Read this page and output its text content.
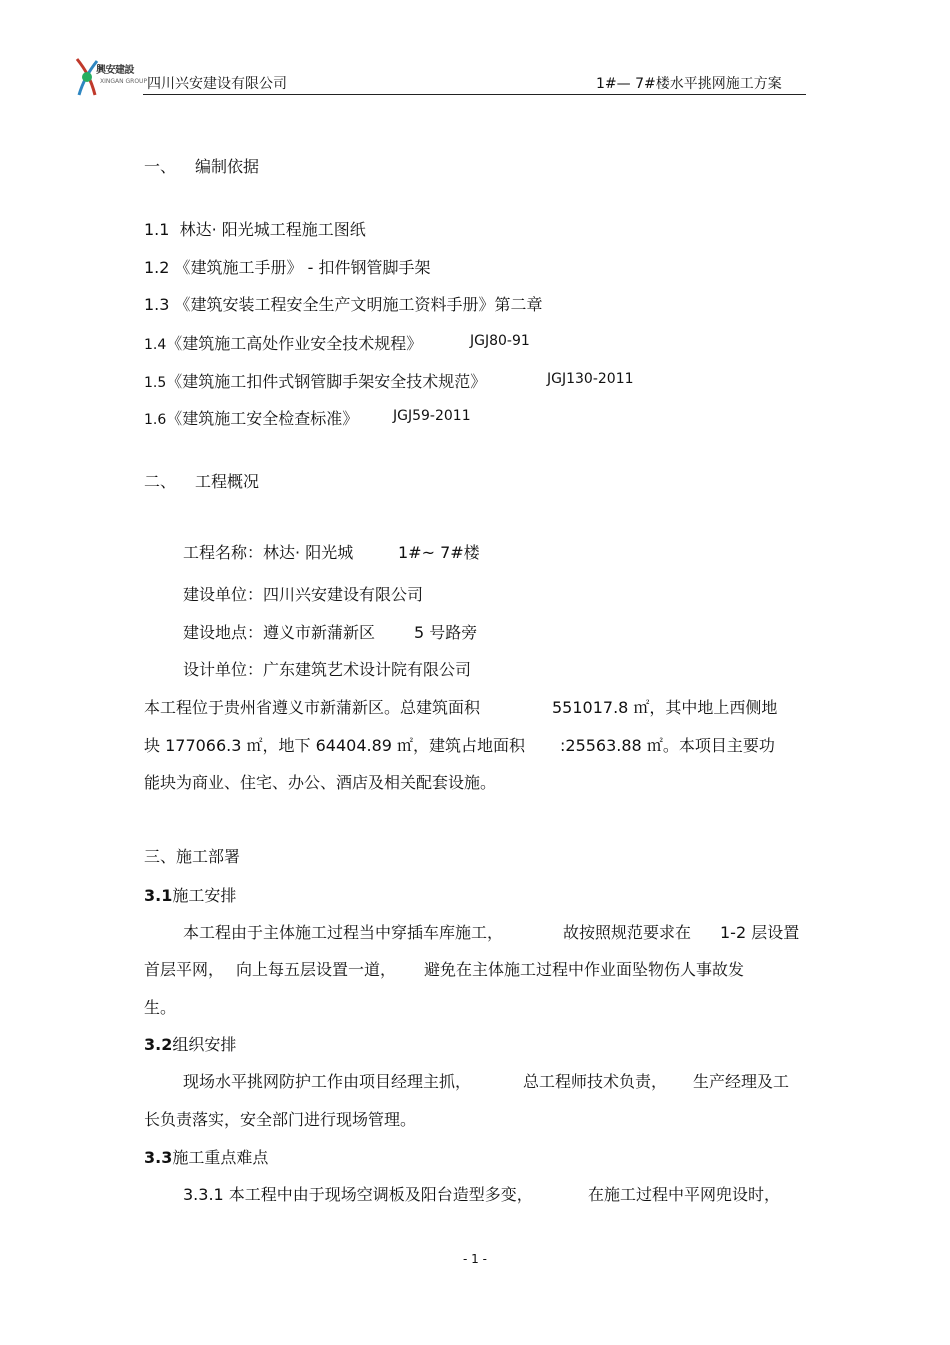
興安建設
XINGAN GROUP 四川兴安建设有限公司	1#— 7#楼水平挑网施工方案
一、 编制依据
1.1 林达· 阳光城工程施工图纸
1.2 《建筑施工手册》 - 扣件钢管脚手架
1.3 《建筑安装工程安全生产文明施工资料手册》第二章
1.4《建筑施工高处作业安全技术规程》	JGJ80-91
1.5《建筑施工扣件式钢管脚手架安全技术规范》	JGJ130-2011
1.6《建筑施工安全检查标准》 JGJ59-2011
二、 工程概况
工程名称：林达· 阳光城	1#~ 7#楼
建设单位：四川兴安建设有限公司
建设地点：遵义市新蒲新区 5 号路旁
设计单位：广东建筑艺术设计院有限公司
本工程位于贵州省遵义市新蒲新区。总建筑面积	551017.8 ㎡，其中地上西侧地
块 177066.3 ㎡，地下 64404.89 ㎡，建筑占地面积 :25563.88 ㎡。本项目主要功
能块为商业、住宅、办公、酒店及相关配套设施。
三、施工部署
3.1施工安排
本工程由于主体施工过程当中穿插车库施工，	故按照规范要求在 1-2 层设置
首层平网， 向上每五层设置一道， 避免在主体施工过程中作业面坠物伤人事故发
生。
3.2组织安排
现场水平挑网防护工作由项目经理主抓，	总工程师技术负责， 生产经理及工
长负责落实，安全部门进行现场管理。
3.3施工重点难点
3.3.1 本工程中由于现场空调板及阳台造型多变，	在施工过程中平网兜设时，
- 1 -
